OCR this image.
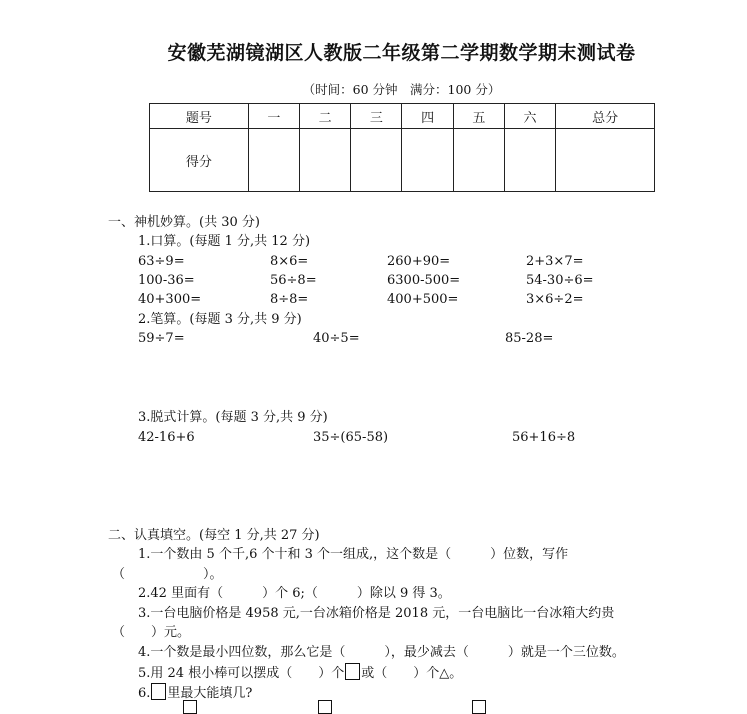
安徽芜湖镜湖区人教版二年级第二学期数学期末测试卷
（时间：60 分钟　满分：100 分）
题号	一	二	三	四	五	六	总分
得分							
一、神机妙算。(共 30 分)
1.口算。(每题 1 分,共 12 分)
63÷9=	8×6=	260+90=	2+3×7=
100-36=	56÷8=	6300-500=	54-30÷6=
40+300=	8÷8=	400+500=	3×6÷2=
2.笔算。(每题 3 分,共 9 分)
59÷7=	40÷5=	85-28=
3.脱式计算。(每题 3 分,共 9 分)
42-16+6	35÷(65-58)	56+16÷8
二、认真填空。(每空 1 分,共 27 分)
1.一个数由 5 个千,6 个十和 3 个一组成,，这个数是（　　　）位数，写作
（　　　　　　）。
2.42 里面有（　　　）个 6;（　　　）除以 9 得 3。
3.一台电脑价格是 4958 元,一台冰箱价格是 2018 元，一台电脑比一台冰箱大约贵
（　　）元。
4.一个数是最小四位数，那么它是（　　　），最少减去（　　　）就是一个三位数。
5.用 24 根小棒可以摆成（　　）个 或（　　）个△。
6. 里最大能填几?
